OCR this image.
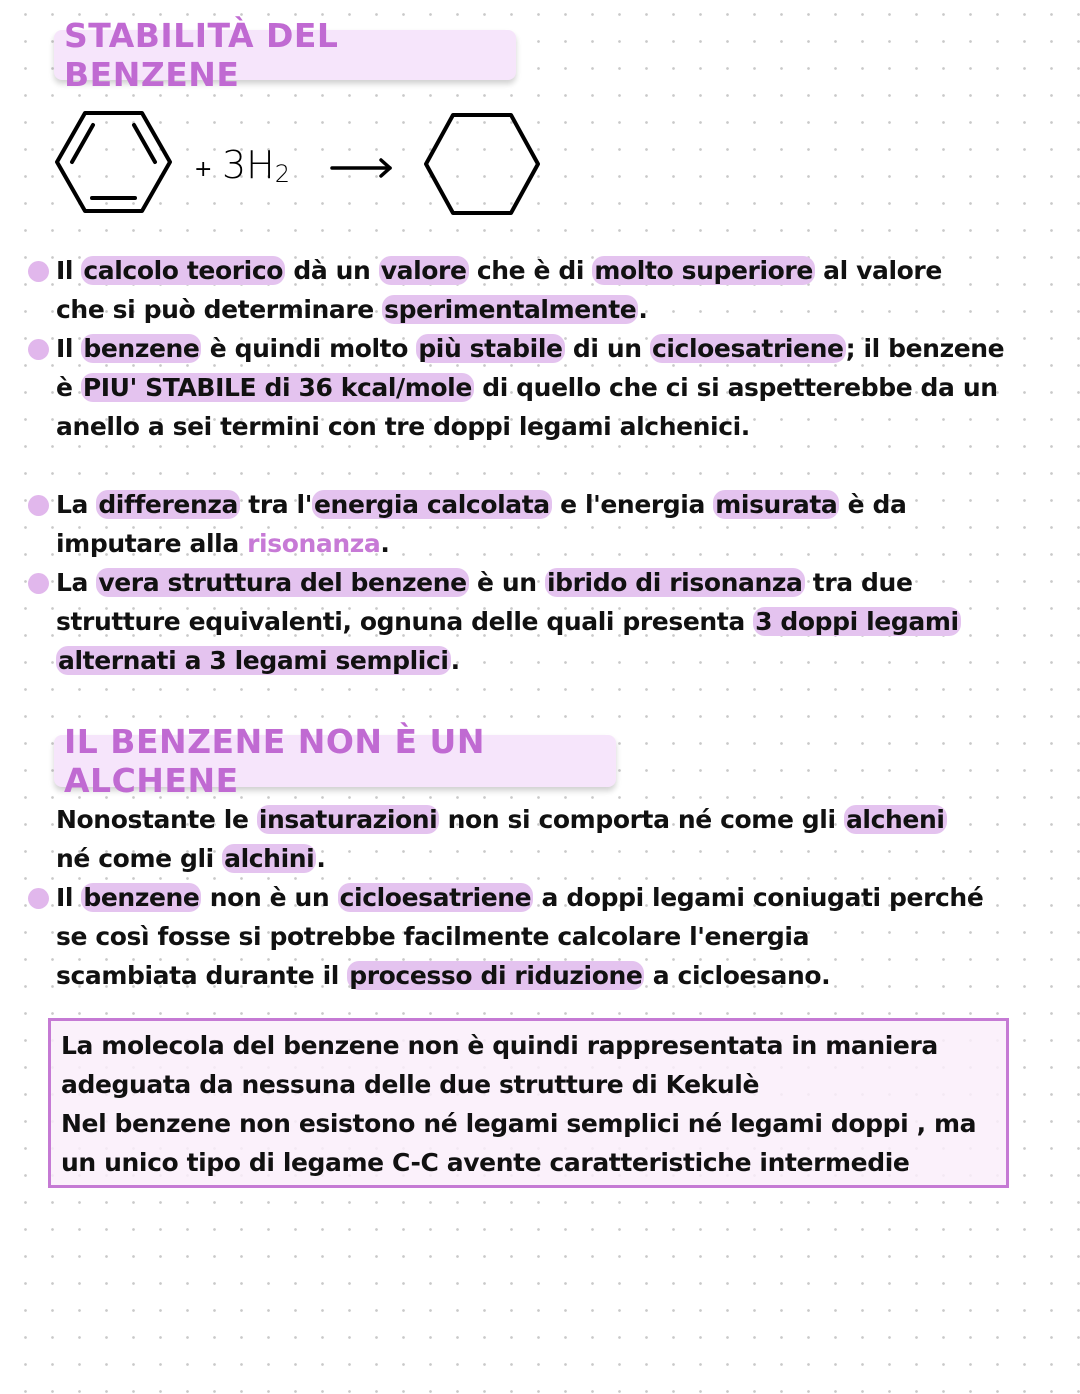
STABILITÀ DEL BENZENE
+ 3H2
Il calcolo teorico dà un valore che è di molto superiore al valore
che si può determinare sperimentalmente.
Il benzene è quindi molto più stabile di un cicloesatriene; il benzene
è PIU' STABILE di 36 kcal/mole di quello che ci si aspetterebbe da un
anello a sei termini con tre doppi legami alchenici.
La differenza tra l'energia calcolata e l'energia misurata è da
imputare alla risonanza.
La vera struttura del benzene è un ibrido di risonanza tra due
strutture equivalenti, ognuna delle quali presenta 3 doppi legami
alternati a 3 legami semplici.
IL BENZENE NON È UN ALCHENE
Nonostante le insaturazioni non si comporta né come gli alcheni
né come gli alchini.
Il benzene non è un cicloesatriene a doppi legami coniugati perché
se così fosse si potrebbe facilmente calcolare l'energia
scambiata durante il processo di riduzione a cicloesano.
La molecola del benzene non è quindi rappresentata in maniera
adeguata da nessuna delle due strutture di Kekulè
Nel benzene non esistono né legami semplici né legami doppi , ma
un unico tipo di legame C-C avente caratteristiche intermedie
